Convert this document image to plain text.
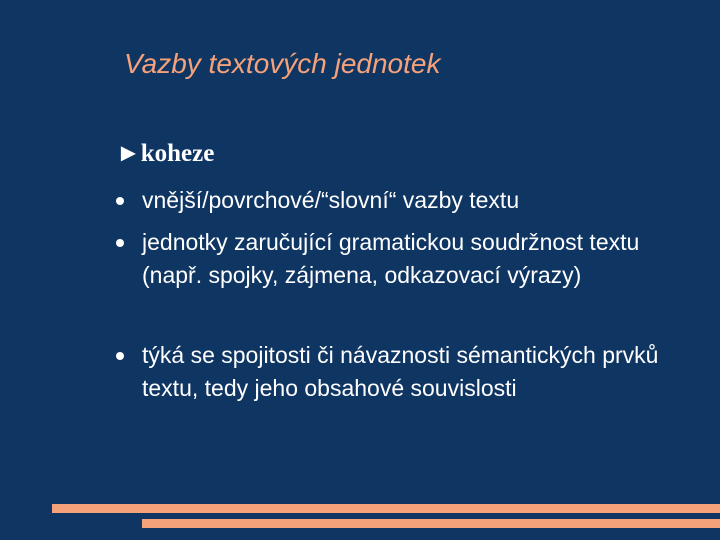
Vazby textových jednotek
►koheze
vnější/povrchové/“slovní“ vazby textu
jednotky zaručující gramatickou soudržnost textu (např. spojky, zájmena, odkazovací výrazy)
týká se spojitosti či návaznosti sémantických prvků textu, tedy jeho obsahové souvislosti
